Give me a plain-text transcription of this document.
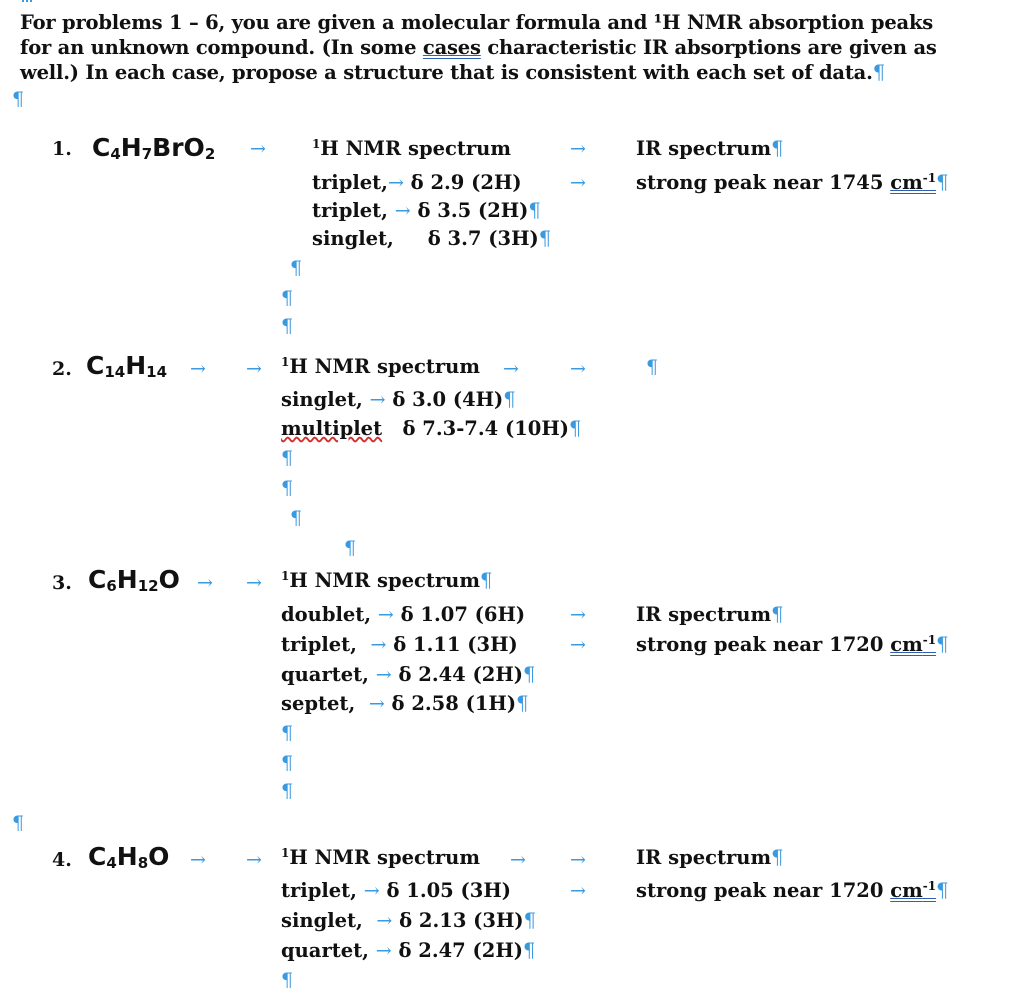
For problems 1 – 6, you are given a molecular formula and ¹H NMR absorption peaks
for an unknown compound. (In some cases characteristic IR absorptions are given as
well.) In each case, propose a structure that is consistent with each set of data.¶
¶
1. $C_4H_7BrO_2$ →	$^1$H NMR spectrum	→	IR spectrum¶
triplet,→ δ 2.9 (2H)	→	strong peak near 1745 $cm^{-1}\P$
triplet, → δ 3.5 (2H)¶
singlet, δ 3.7 (3H)¶
¶
¶
¶
2. $C_{14}H_{14}$ → → $^1$H NMR spectrum →	→	¶
singlet, → δ 3.0 (4H)¶
multiplet δ 7.3-7.4 (10H)¶
¶
¶
¶
¶
3. $C_6H_{12}O$ → → $^1$H NMR spectrum¶
doublet, → δ 1.07 (6H) →	IR spectrum¶
triplet, → δ 1.11 (3H)	→	strong peak near 1720 $cm^{-1}\P$
quartet, → δ 2.44 (2H)¶
septet, → δ 2.58 (1H)¶
¶
¶
¶
¶
4. $C_4H_8O$ → → $^1$H NMR spectrum → →	IR spectrum¶
triplet, → δ 1.05 (3H)	→	strong peak near 1720 $cm^{-1}\P$
singlet, → δ 2.13 (3H)¶
quartet, → δ 2.47 (2H)¶
¶
